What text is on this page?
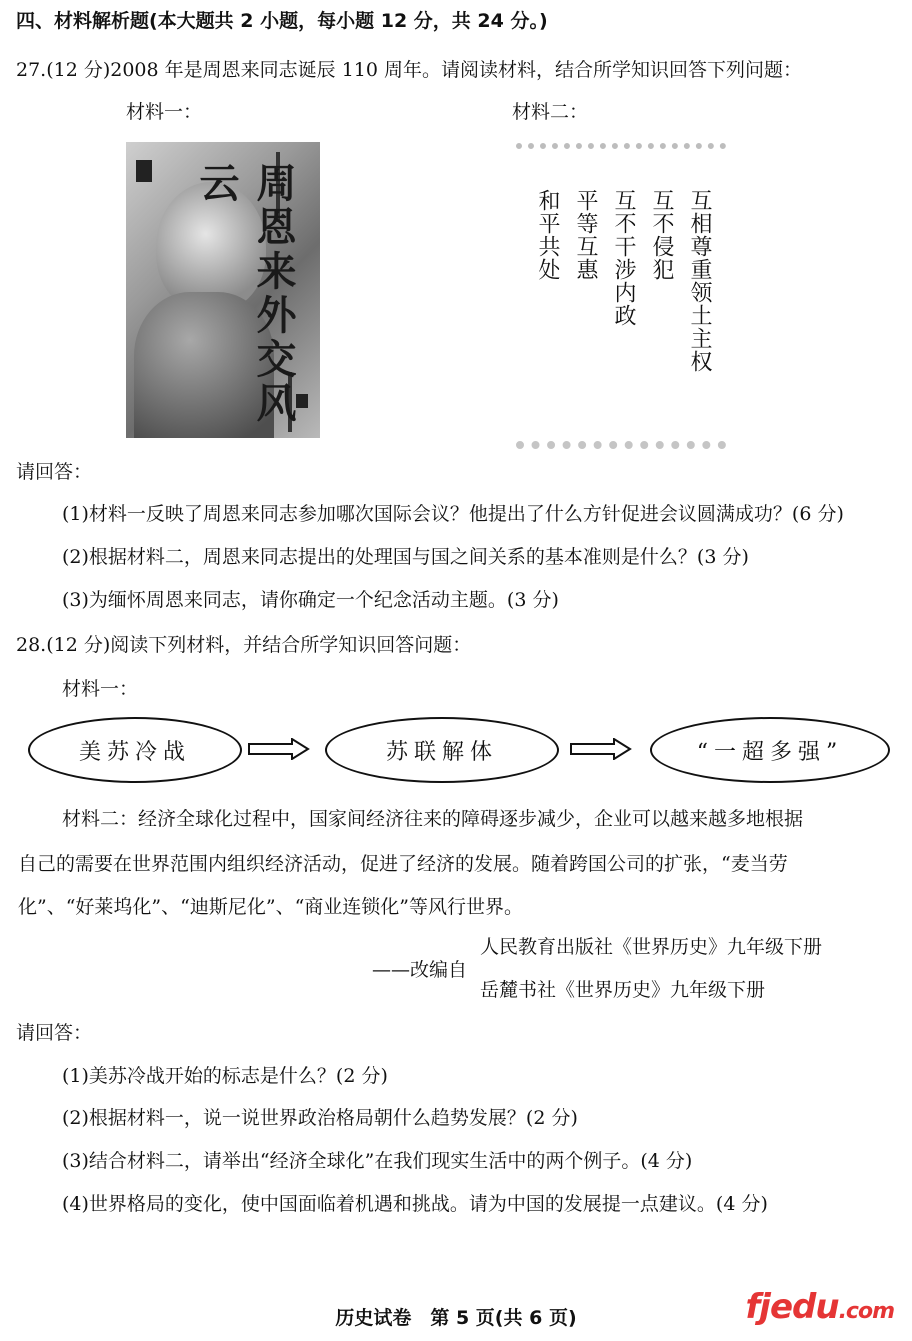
四、材料解析题(本大题共 2 小题，每小题 12 分，共 24 分。)
27.(12 分)2008 年是周恩来同志诞辰 110 周年。请阅读材料，结合所学知识回答下列问题：
材料一：	材料二：
周恩来外交风云
互相尊重领土主权
互不侵犯
互不干涉内政
平等互惠
和平共处
请回答：
(1)材料一反映了周恩来同志参加哪次国际会议？他提出了什么方针促进会议圆满成功？(6 分)
(2)根据材料二，周恩来同志提出的处理国与国之间关系的基本准则是什么？(3 分)
(3)为缅怀周恩来同志，请你确定一个纪念活动主题。(3 分)
28.(12 分)阅读下列材料，并结合所学知识回答问题：
材料一：
美苏冷战	苏联解体	“一超多强”
材料二：经济全球化过程中，国家间经济往来的障碍逐步减少，企业可以越来越多地根据
自己的需要在世界范围内组织经济活动，促进了经济的发展。随着跨国公司的扩张，“麦当劳
化”、“好莱坞化”、“迪斯尼化”、“商业连锁化”等风行世界。
——改编自
人民教育出版社《世界历史》九年级下册
岳麓书社《世界历史》九年级下册
请回答：
(1)美苏冷战开始的标志是什么？(2 分)
(2)根据材料一，说一说世界政治格局朝什么趋势发展？(2 分)
(3)结合材料二，请举出“经济全球化”在我们现实生活中的两个例子。(4 分)
(4)世界格局的变化，使中国面临着机遇和挑战。请为中国的发展提一点建议。(4 分)
历史试卷　第 5 页(共 6 页)	fjedu.com
